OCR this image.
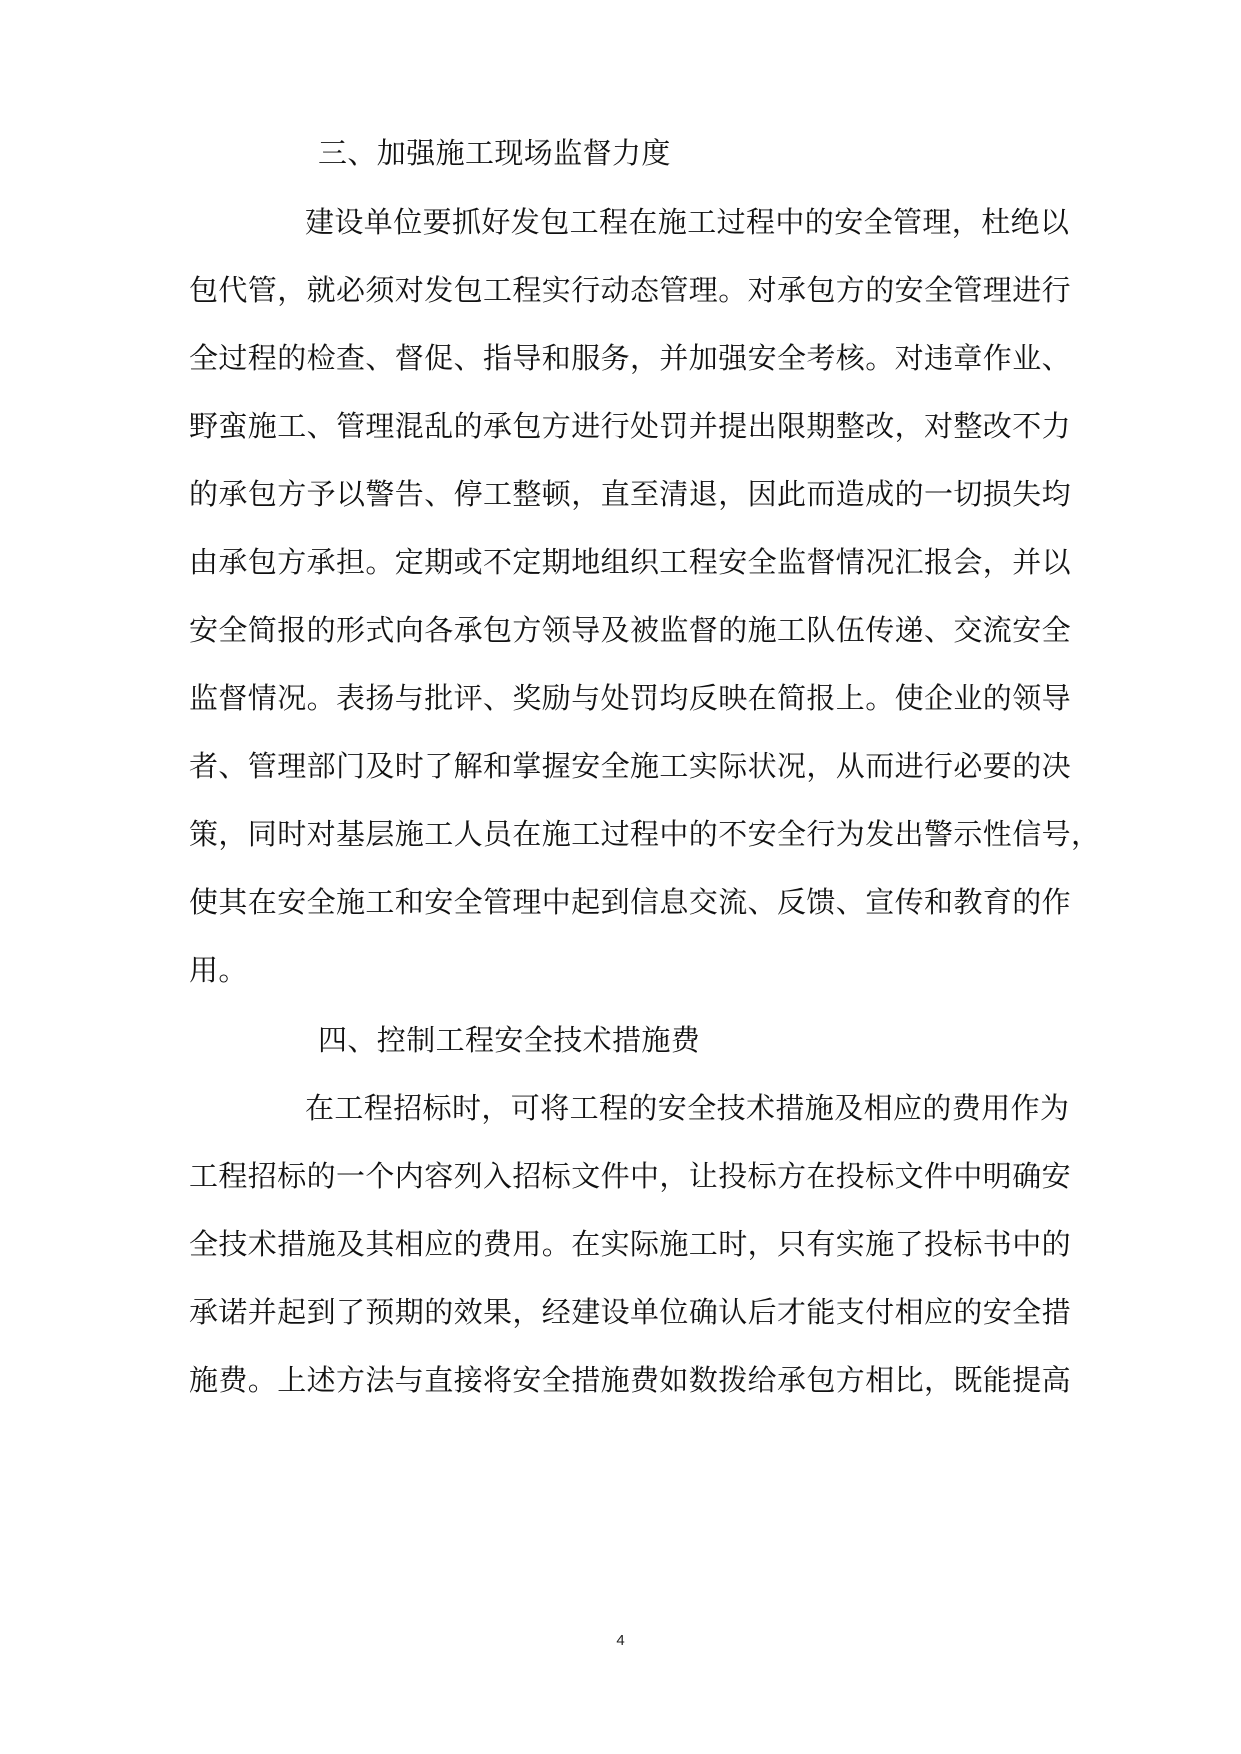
三、加强施工现场监督力度
建设单位要抓好发包工程在施工过程中的安全管理，杜绝以
包代管，就必须对发包工程实行动态管理。对承包方的安全管理进行
全过程的检查、督促、指导和服务，并加强安全考核。对违章作业、
野蛮施工、管理混乱的承包方进行处罚并提出限期整改，对整改不力
的承包方予以警告、停工整顿，直至清退，因此而造成的一切损失均
由承包方承担。定期或不定期地组织工程安全监督情况汇报会，并以
安全简报的形式向各承包方领导及被监督的施工队伍传递、交流安全
监督情况。表扬与批评、奖励与处罚均反映在简报上。使企业的领导
者、管理部门及时了解和掌握安全施工实际状况，从而进行必要的决
策，同时对基层施工人员在施工过程中的不安全行为发出警示性信号，
使其在安全施工和安全管理中起到信息交流、反馈、宣传和教育的作
用。
四、控制工程安全技术措施费
在工程招标时，可将工程的安全技术措施及相应的费用作为
工程招标的一个内容列入招标文件中，让投标方在投标文件中明确安
全技术措施及其相应的费用。在实际施工时，只有实施了投标书中的
承诺并起到了预期的效果，经建设单位确认后才能支付相应的安全措
施费。上述方法与直接将安全措施费如数拨给承包方相比，既能提高
4
